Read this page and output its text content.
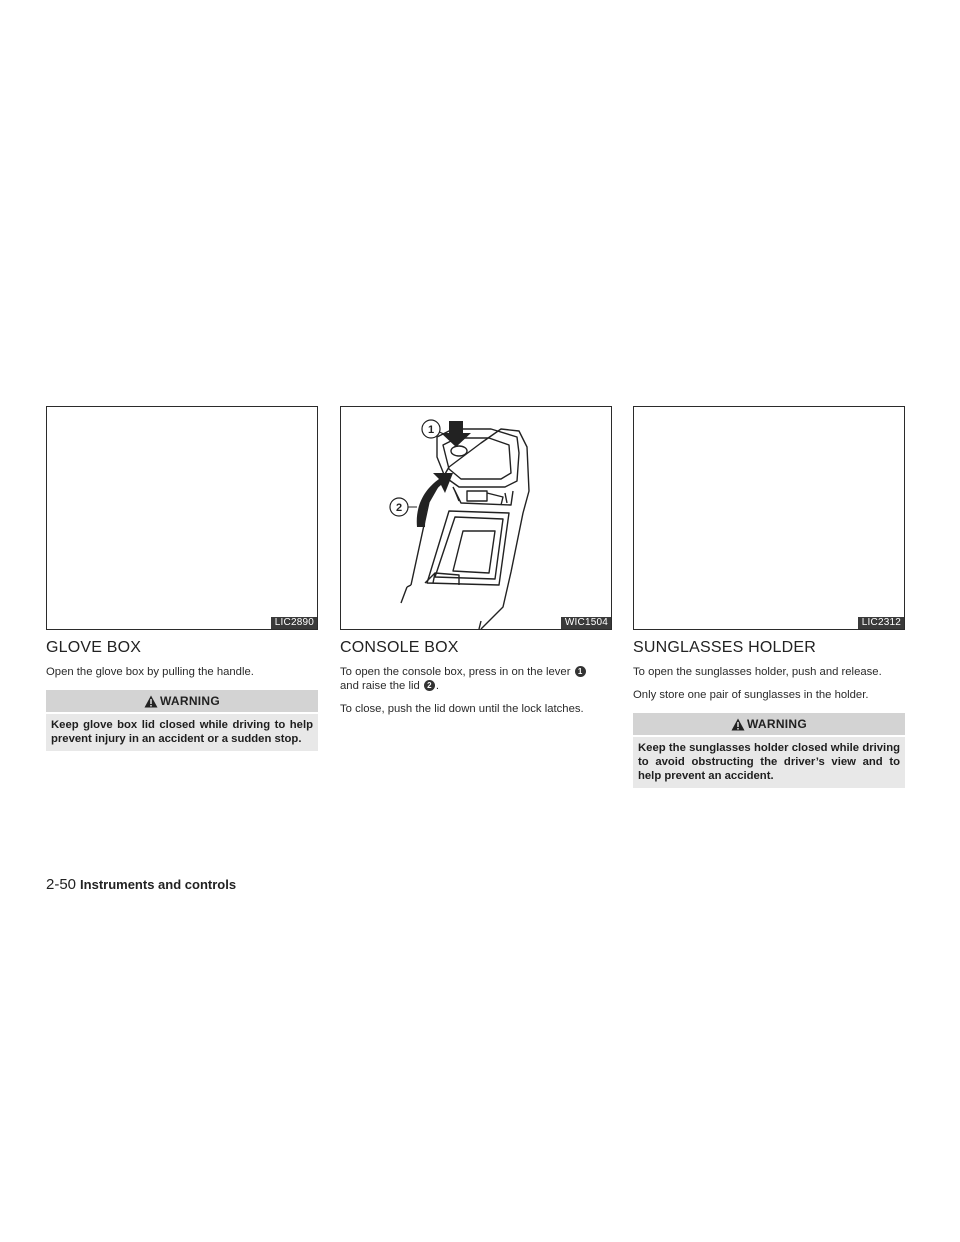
LIC2890
GLOVE BOX

Open the glove box by pulling the handle.

WARNING
Keep glove box lid closed while driving to help prevent injury in an accident or a sudden stop.
1
2
WIC1504
CONSOLE BOX

To open the console box, press in on the lever 1
and raise the lid 2 .

To close, push the lid down until the lock latches.

LIC2312
SUNGLASSES HOLDER

To open the sunglasses holder, push and release.

Only store one pair of sunglasses in the holder.

WARNING
Keep the sunglasses holder closed while driving to avoid obstructing the driver’s view and to help prevent an accident.
2-50 Instruments and controls
